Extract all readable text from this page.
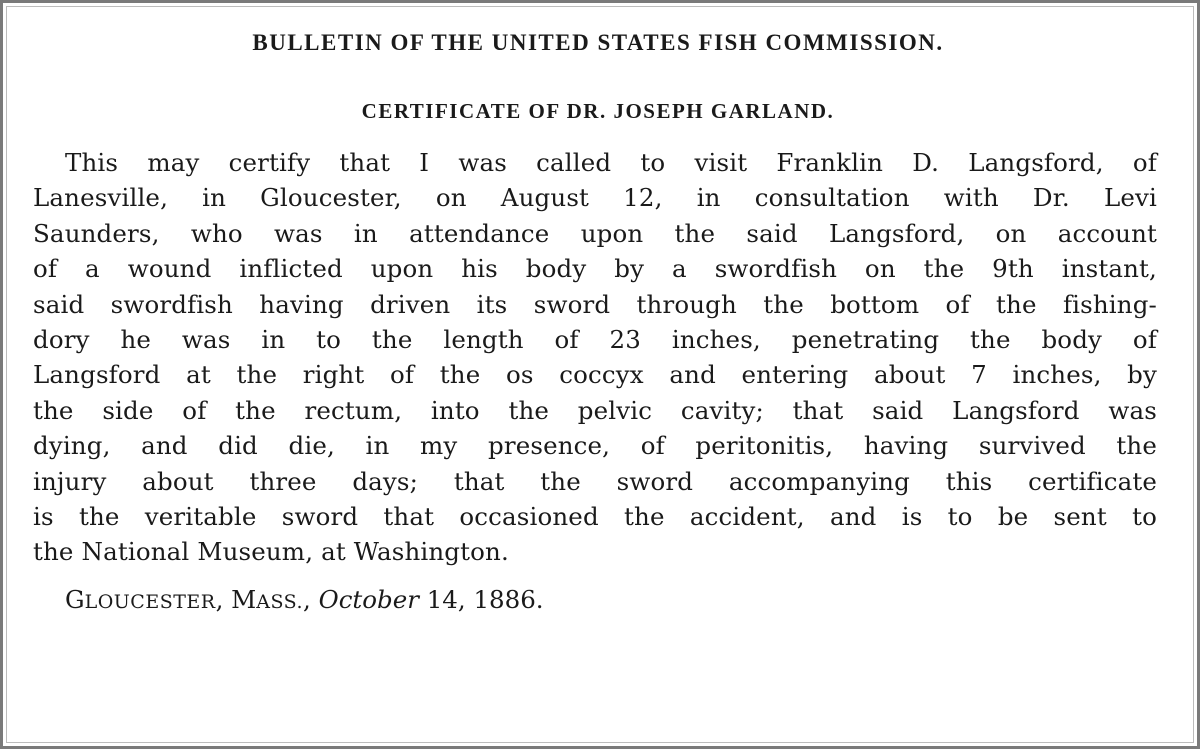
BULLETIN OF THE UNITED STATES FISH COMMISSION.
CERTIFICATE OF DR. JOSEPH GARLAND.

This may certify that I was called to visit Franklin D. Langsford, of
Lanesville, in Gloucester, on August 12, in consultation with Dr. Levi
Saunders, who was in attendance upon the said Langsford, on account
of a wound inflicted upon his body by a swordfish on the 9th instant,
said swordfish having driven its sword through the bottom of the fishing-
dory he was in to the length of 23 inches, penetrating the body of
Langsford at the right of the os coccyx and entering about 7 inches, by
the side of the rectum, into the pelvic cavity; that said Langsford was
dying, and did die, in my presence, of peritonitis, having survived the
injury about three days; that the sword accompanying this certificate
is the veritable sword that occasioned the accident, and is to be sent to
the National Museum, at Washington.

GLOUCESTER, MASS., October 14, 1886.
